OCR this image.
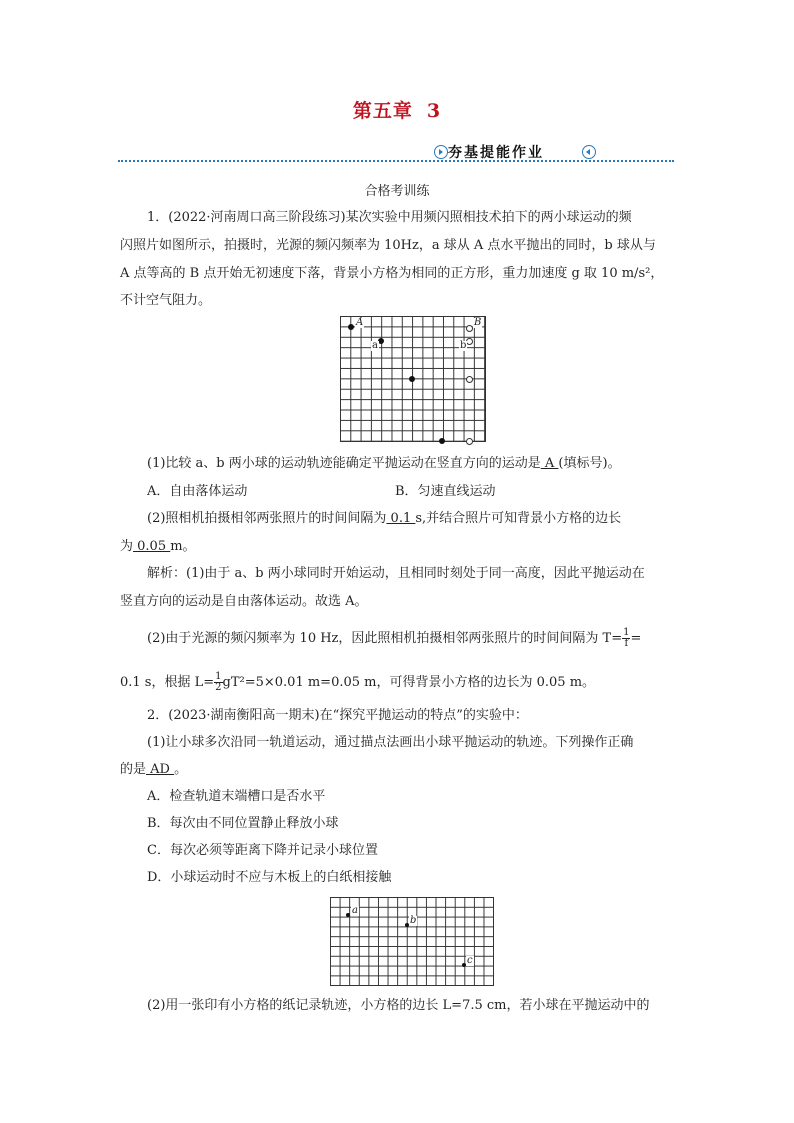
第五章 3
夯基提能作业
合格考训练
1．(2022·河南周口高三阶段练习)某次实验中用频闪照相技术拍下的两小球运动的频
闪照片如图所示，拍摄时，光源的频闪频率为 10Hz，a 球从 A 点水平抛出的同时，b 球从与
A 点等高的 B 点开始无初速度下落，背景小方格为相同的正方形，重力加速度 g 取 10 m/s²，
不计空气阻力。
A	B
a	b
(1)比较 a、b 两小球的运动轨迹能确定平抛运动在竖直方向的运动是 A (填标号)。
A．自由落体运动	B．匀速直线运动
(2)照相机拍摄相邻两张照片的时间间隔为 0.1 s,并结合照片可知背景小方格的边长
为 0.05 m。
解析：(1)由于 a、b 两小球同时开始运动，且相同时刻处于同一高度，因此平抛运动在
竖直方向的运动是自由落体运动。故选 A。
(2)由于光源的频闪频率为 10 Hz，因此照相机拍摄相邻两张照片的时间间隔为 $T= \frac{1}{f}$ =
0.1 s，根据 $L= \frac{1}{2} gT^2=5\times 0.01$ m=0.05 m，可得背景小方格的边长为 0.05 m。
2．(2023·湖南衡阳高一期末)在“探究平抛运动的特点”的实验中：
(1)让小球多次沿同一轨道运动，通过描点法画出小球平抛运动的轨迹。下列操作正确
的是 AD 。
A．检查轨道末端槽口是否水平
B．每次由不同位置静止释放小球
C．每次必须等距离下降并记录小球位置
D．小球运动时不应与木板上的白纸相接触
a
b
c
(2)用一张印有小方格的纸记录轨迹，小方格的边长 L=7.5 cm，若小球在平抛运动中的
